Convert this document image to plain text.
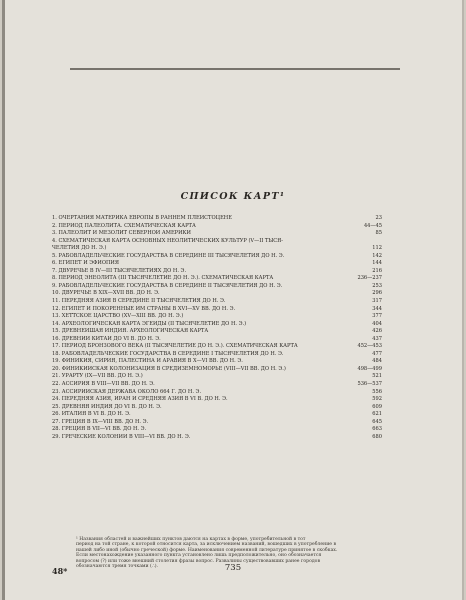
СПИСОК КАРТ¹
1. ОЧЕРТАНИЯ МАТЕРИКА ЕВРОПЫ В РАННЕМ ПЛЕЙСТОЦЕНЕ	23
2. ПЕРИОД ПАЛЕОЛИТА. СХЕМАТИЧЕСКАЯ КАРТА	44—45
3. ПАЛЕОЛИТ И МЕЗОЛИТ СЕВЕРНОЙ АМЕРИКИ	85
4. СХЕМАТИЧЕСКАЯ КАРТА ОСНОВНЫХ НЕОЛИТИЧЕСКИХ КУЛЬТУР (V—II ТЫСЯ-
ЧЕЛЕТИЯ ДО Н. Э.)	112
5. РАБОВЛАДЕЛЬЧЕСКИЕ ГОСУДАРСТВА В СЕРЕДИНЕ III ТЫСЯЧЕЛЕТИЯ ДО Н. Э.	142
6. ЕГИПЕТ И ЭФИОПИЯ	144
7. ДВУРЕЧЬЕ В IV—III ТЫСЯЧЕЛЕТИЯХ ДО Н. Э.	216
8. ПЕРИОД ЭНЕОЛИТА (III ТЫСЯЧЕЛЕТИЕ ДО Н. Э.). СХЕМАТИЧЕСКАЯ КАРТА	236—237
9. РАБОВЛАДЕЛЬЧЕСКИЕ ГОСУДАРСТВА В СЕРЕДИНЕ II ТЫСЯЧЕЛЕТИЯ ДО Н. Э.	253
10. ДВУРЕЧЬЕ В XIX—XVII ВВ. ДО Н. Э.	296
11. ПЕРЕДНЯЯ АЗИЯ В СЕРЕДИНЕ II ТЫСЯЧЕЛЕТИЯ ДО Н. Э.	317
12. ЕГИПЕТ И ПОКОРЕННЫЕ ИМ СТРАНЫ В XVI—XV ВВ. ДО Н. Э.	344
13. ХЕТТСКОЕ ЦАРСТВО (XV—XIII ВВ. ДО Н. Э.)	377
14. АРХЕОЛОГИЧЕСКАЯ КАРТА ЭГЕИДЫ (II ТЫСЯЧЕЛЕТИЕ ДО Н. Э.)	404
15. ДРЕВНЕЙШАЯ ИНДИЯ. АРХЕОЛОГИЧЕСКАЯ КАРТА	426
16. ДРЕВНИЙ КИТАЙ ДО VI В. ДО Н. Э.	437
17. ПЕРИОД БРОНЗОВОГО ВЕКА (II ТЫСЯЧЕЛЕТИЕ ДО Н. Э.). СХЕМАТИЧЕСКАЯ КАРТА	452—453
18. РАБОВЛАДЕЛЬЧЕСКИЕ ГОСУДАРСТВА В СЕРЕДИНЕ I ТЫСЯЧЕЛЕТИЯ ДО Н. Э.	477
19. ФИНИКИЯ, СИРИЯ, ПАЛЕСТИНА И АРАВИЯ В X—VI ВВ. ДО Н. Э.	484
20. ФИНИКИЙСКАЯ КОЛОНИЗАЦИЯ В СРЕДИЗЕМНОМОРЬЕ (VIII—VII ВВ. ДО Н. Э.)	498—499
21. УРАРТУ (IX—VII ВВ. ДО Н. Э.)	521
22. АССИРИЯ В VIII—VII ВВ. ДО Н. Э.	536—537
23. АССИРИЙСКАЯ ДЕРЖАВА ОКОЛО 664 Г. ДО Н. Э.	556
24. ПЕРЕДНЯЯ АЗИЯ, ИРАН И СРЕДНЯЯ АЗИЯ В VI В. ДО Н. Э.	592
25. ДРЕВНЯЯ ИНДИЯ ДО VI В. ДО Н. Э.	609
26. ИТАЛИЯ В VI В. ДО Н. Э.	621
27. ГРЕЦИЯ В IX—VIII ВВ. ДО Н. Э.	645
28. ГРЕЦИЯ В VII—VI ВВ. ДО Н. Э.	663
29. ГРЕЧЕСКИЕ КОЛОНИИ В VIII—VI ВВ. ДО Н. Э.	680

¹ Названия областей и важнейших пунктов даются на картах в форме, употребительной в тот

период на той стране, к которой относится карта, за исключением названий, вошедших в употребление в

нашей либо иной (обычно греческой) форме. Наименования современной литературе принятое в скобках.

Если местонахождение указанного пункта установлено лишь предположительно, оно обозначается

вопросом (?) или тоже внешний столетия фразы вопрос. Развалины существовавших ранее городов

обозначаются тремя точками (∴).

48*	735
